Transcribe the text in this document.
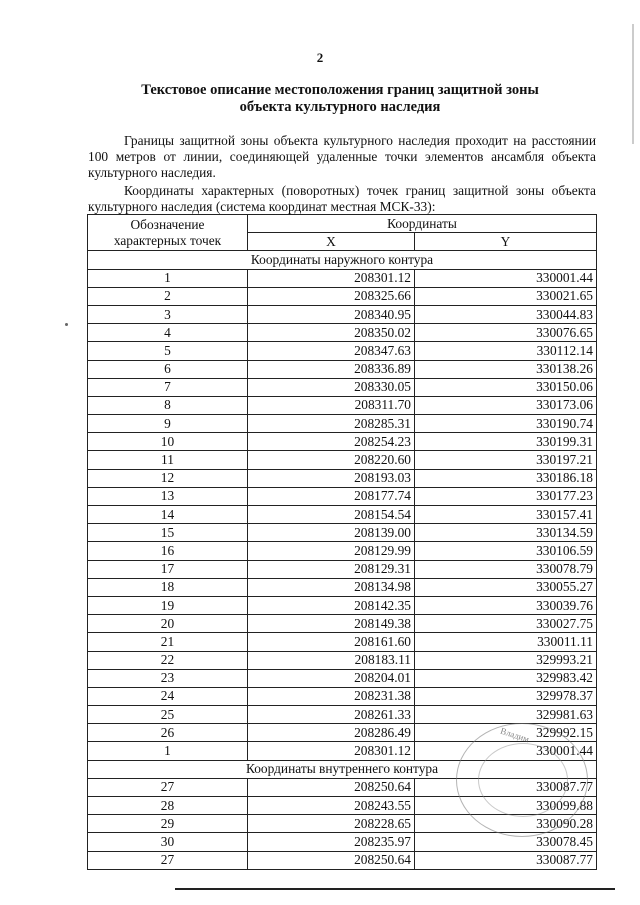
2
Текстовое описание местоположения границ защитной зоны
объекта культурного наследия
Границы защитной зоны объекта культурного наследия проходит на расстоянии 100 метров от линии, соединяющей удаленные точки элементов ансамбля объекта культурного наследия.
Координаты характерных (поворотных) точек границ защитной зоны объекта культурного наследия (система координат местная МСК-33):
Обозначение
характерных точек	Координаты	
	X	Y
Координаты наружного контура		
1	208301.12	330001.44
2	208325.66	330021.65
3	208340.95	330044.83
4	208350.02	330076.65
5	208347.63	330112.14
6	208336.89	330138.26
7	208330.05	330150.06
8	208311.70	330173.06
9	208285.31	330190.74
10	208254.23	330199.31
11	208220.60	330197.21
12	208193.03	330186.18
13	208177.74	330177.23
14	208154.54	330157.41
15	208139.00	330134.59
16	208129.99	330106.59
17	208129.31	330078.79
18	208134.98	330055.27
19	208142.35	330039.76
20	208149.38	330027.75
21	208161.60	330011.11
22	208183.11	329993.21
23	208204.01	329983.42
24	208231.38	329978.37
25	208261.33	329981.63
26	208286.49	329992.15
1	208301.12	330001.44
Координаты внутреннего контура		
27	208250.64	330087.77
28	208243.55	330099.88
29	208228.65	330090.28
30	208235.97	330078.45
27	208250.64	330087.77
Владим
